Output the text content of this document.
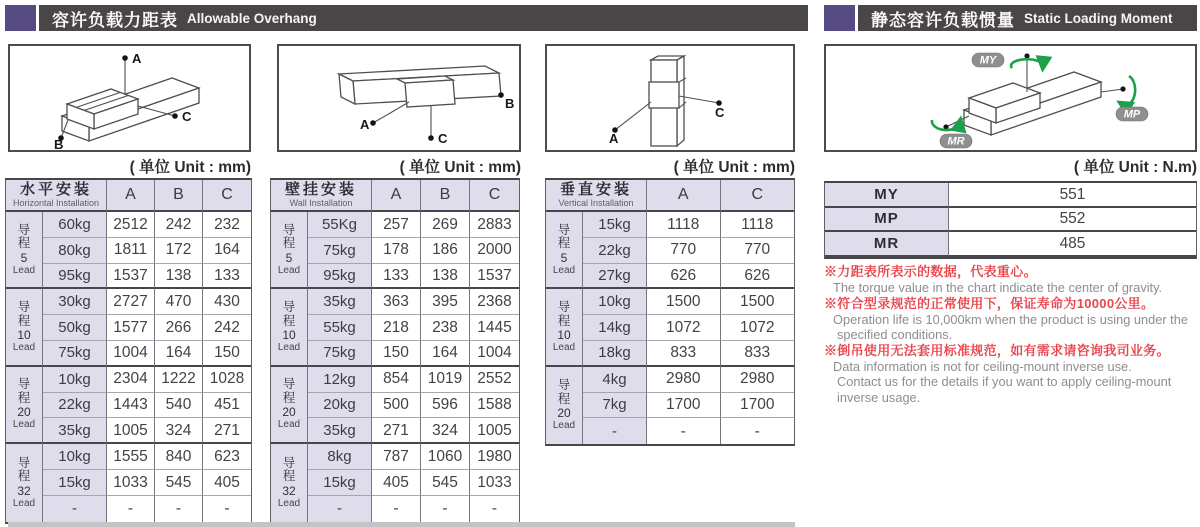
容许负载力距表 Allowable Overhang	静态容许负载惯量 Static Loading Moment
A
B
C
B
A
C	A
C
MY
MP
MR
( 单位 Unit : mm)	( 单位 Unit : mm)	( 单位 Unit : mm)	( 单位 Unit : N.m)
水平安装
Horizontal Installation	A	B	C
导
程
5
Lead
60kg	2512	242	232
80kg	1811	172	164
95kg	1537	138	133
导
程
10
Lead
30kg	2727	470	430
50kg	1577	266	242
75kg	1004	164	150
导
程
20
Lead
10kg	2304 1222 1028
22kg	1443	540	451
35kg	1005	324	271
导
程
32
Lead
10kg	1555	840	623
15kg	1033	545	405
-	-	-	-
壁挂安装
Wall Installation	A	B	C
导
程
5
Lead
55Kg	257	269	2883
75kg	178	186	2000
95kg	133	138	1537
导
程
10
Lead
35kg	363	395	2368
55kg	218	238	1445
75kg	150	164	1004
导
程
20
Lead
12kg	854	1019 2552
20kg	500	596	1588
35kg	271	324	1005
导
程
32
Lead
8kg	787	1060 1980
15kg	405	545	1033
-	-	-	-
垂直安装
Vertical Installation	A	C
导
程
5
Lead
15kg	1118	1118
22kg	770	770
27kg	626	626
导
程
10
Lead
10kg	1500	1500
14kg	1072	1072
18kg	833	833
导
程
20
Lead
4kg	2980	2980
7kg	1700	1700
-	-	-
MY	551
MP	552
MR	485
※力距表所表示的数据，代表重心。
The torque value in the chart indicate the center of gravity.
※符合型录规范的正常使用下，保证寿命为10000公里。
Operation life is 10,000km when the product is using under the
specified conditions.
※倒吊使用无法套用标准规范，如有需求请咨询我司业务。
Data information is not for ceiling-mount inverse use.
Contact us for the details if you want to apply ceiling-mount
inverse usage.
